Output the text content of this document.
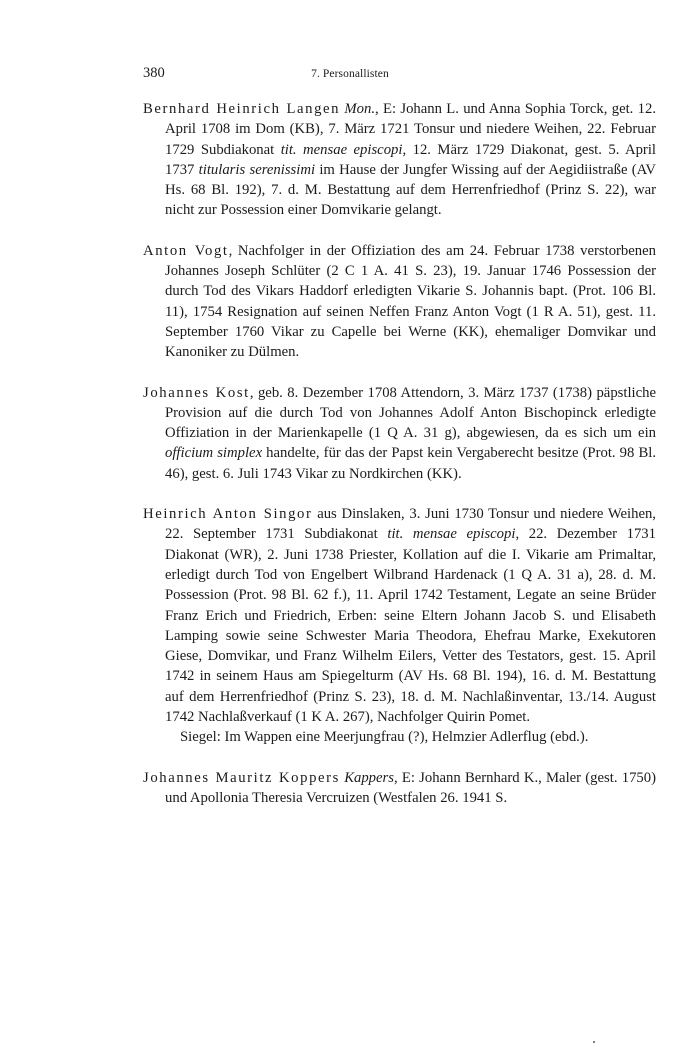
380	7. Personallisten

Bernhard Heinrich Langen Mon., E: Johann L. und Anna Sophia Torck, get. 12. April 1708 im Dom (KB), 7. März 1721 Tonsur und niedere Weihen, 22. Februar 1729 Subdiakonat tit. mensae episcopi, 12. März 1729 Diakonat, gest. 5. April 1737 titularis serenissimi im Hause der Jungfer Wissing auf der Aegidiistraße (AV Hs. 68 Bl. 192), 7. d. M. Bestattung auf dem Herrenfriedhof (Prinz S. 22), war nicht zur Possession einer Domvikarie gelangt.

Anton Vogt, Nachfolger in der Offiziation des am 24. Februar 1738 verstorbenen Johannes Joseph Schlüter (2 C 1 A. 41 S. 23), 19. Januar 1746 Possession der durch Tod des Vikars Haddorf erledigten Vikarie S. Johannis bapt. (Prot. 106 Bl. 11), 1754 Resignation auf seinen Neffen Franz Anton Vogt (1 R A. 51), gest. 11. September 1760 Vikar zu Capelle bei Werne (KK), ehemaliger Domvikar und Kanoniker zu Dülmen.

Johannes Kost, geb. 8. Dezember 1708 Attendorn, 3. März 1737 (1738) päpstliche Provision auf die durch Tod von Johannes Adolf Anton Bischopinck erledigte Offiziation in der Marienkapelle (1 Q A. 31 g), abgewiesen, da es sich um ein officium simplex handelte, für das der Papst kein Vergaberecht besitze (Prot. 98 Bl. 46), gest. 6. Juli 1743 Vikar zu Nordkirchen (KK).

Heinrich Anton Singor aus Dinslaken, 3. Juni 1730 Tonsur und niedere Weihen, 22. September 1731 Subdiakonat tit. mensae episcopi, 22. Dezember 1731 Diakonat (WR), 2. Juni 1738 Priester, Kollation auf die I. Vikarie am Primaltar, erledigt durch Tod von Engelbert Wilbrand Hardenack (1 Q A. 31 a), 28. d. M. Possession (Prot. 98 Bl. 62 f.), 11. April 1742 Testament, Legate an seine Brüder Franz Erich und Friedrich, Erben: seine Eltern Johann Jacob S. und Elisabeth Lamping sowie seine Schwester Maria Theodora, Ehefrau Marke, Exekutoren Giese, Domvikar, und Franz Wilhelm Eilers, Vetter des Testators, gest. 15. April 1742 in seinem Haus am Spiegelturm (AV Hs. 68 Bl. 194), 16. d. M. Bestattung auf dem Herrenfriedhof (Prinz S. 23), 18. d. M. Nachlaßinventar, 13./14. August 1742 Nachlaßverkauf (1 K A. 267), Nachfolger Quirin Pomet.
Siegel: Im Wappen eine Meerjungfrau (?), Helmzier Adlerflug (ebd.).

Johannes Mauritz Koppers Kappers, E: Johann Bernhard K., Maler (gest. 1750) und Apollonia Theresia Vercruizen (Westfalen 26. 1941 S.
